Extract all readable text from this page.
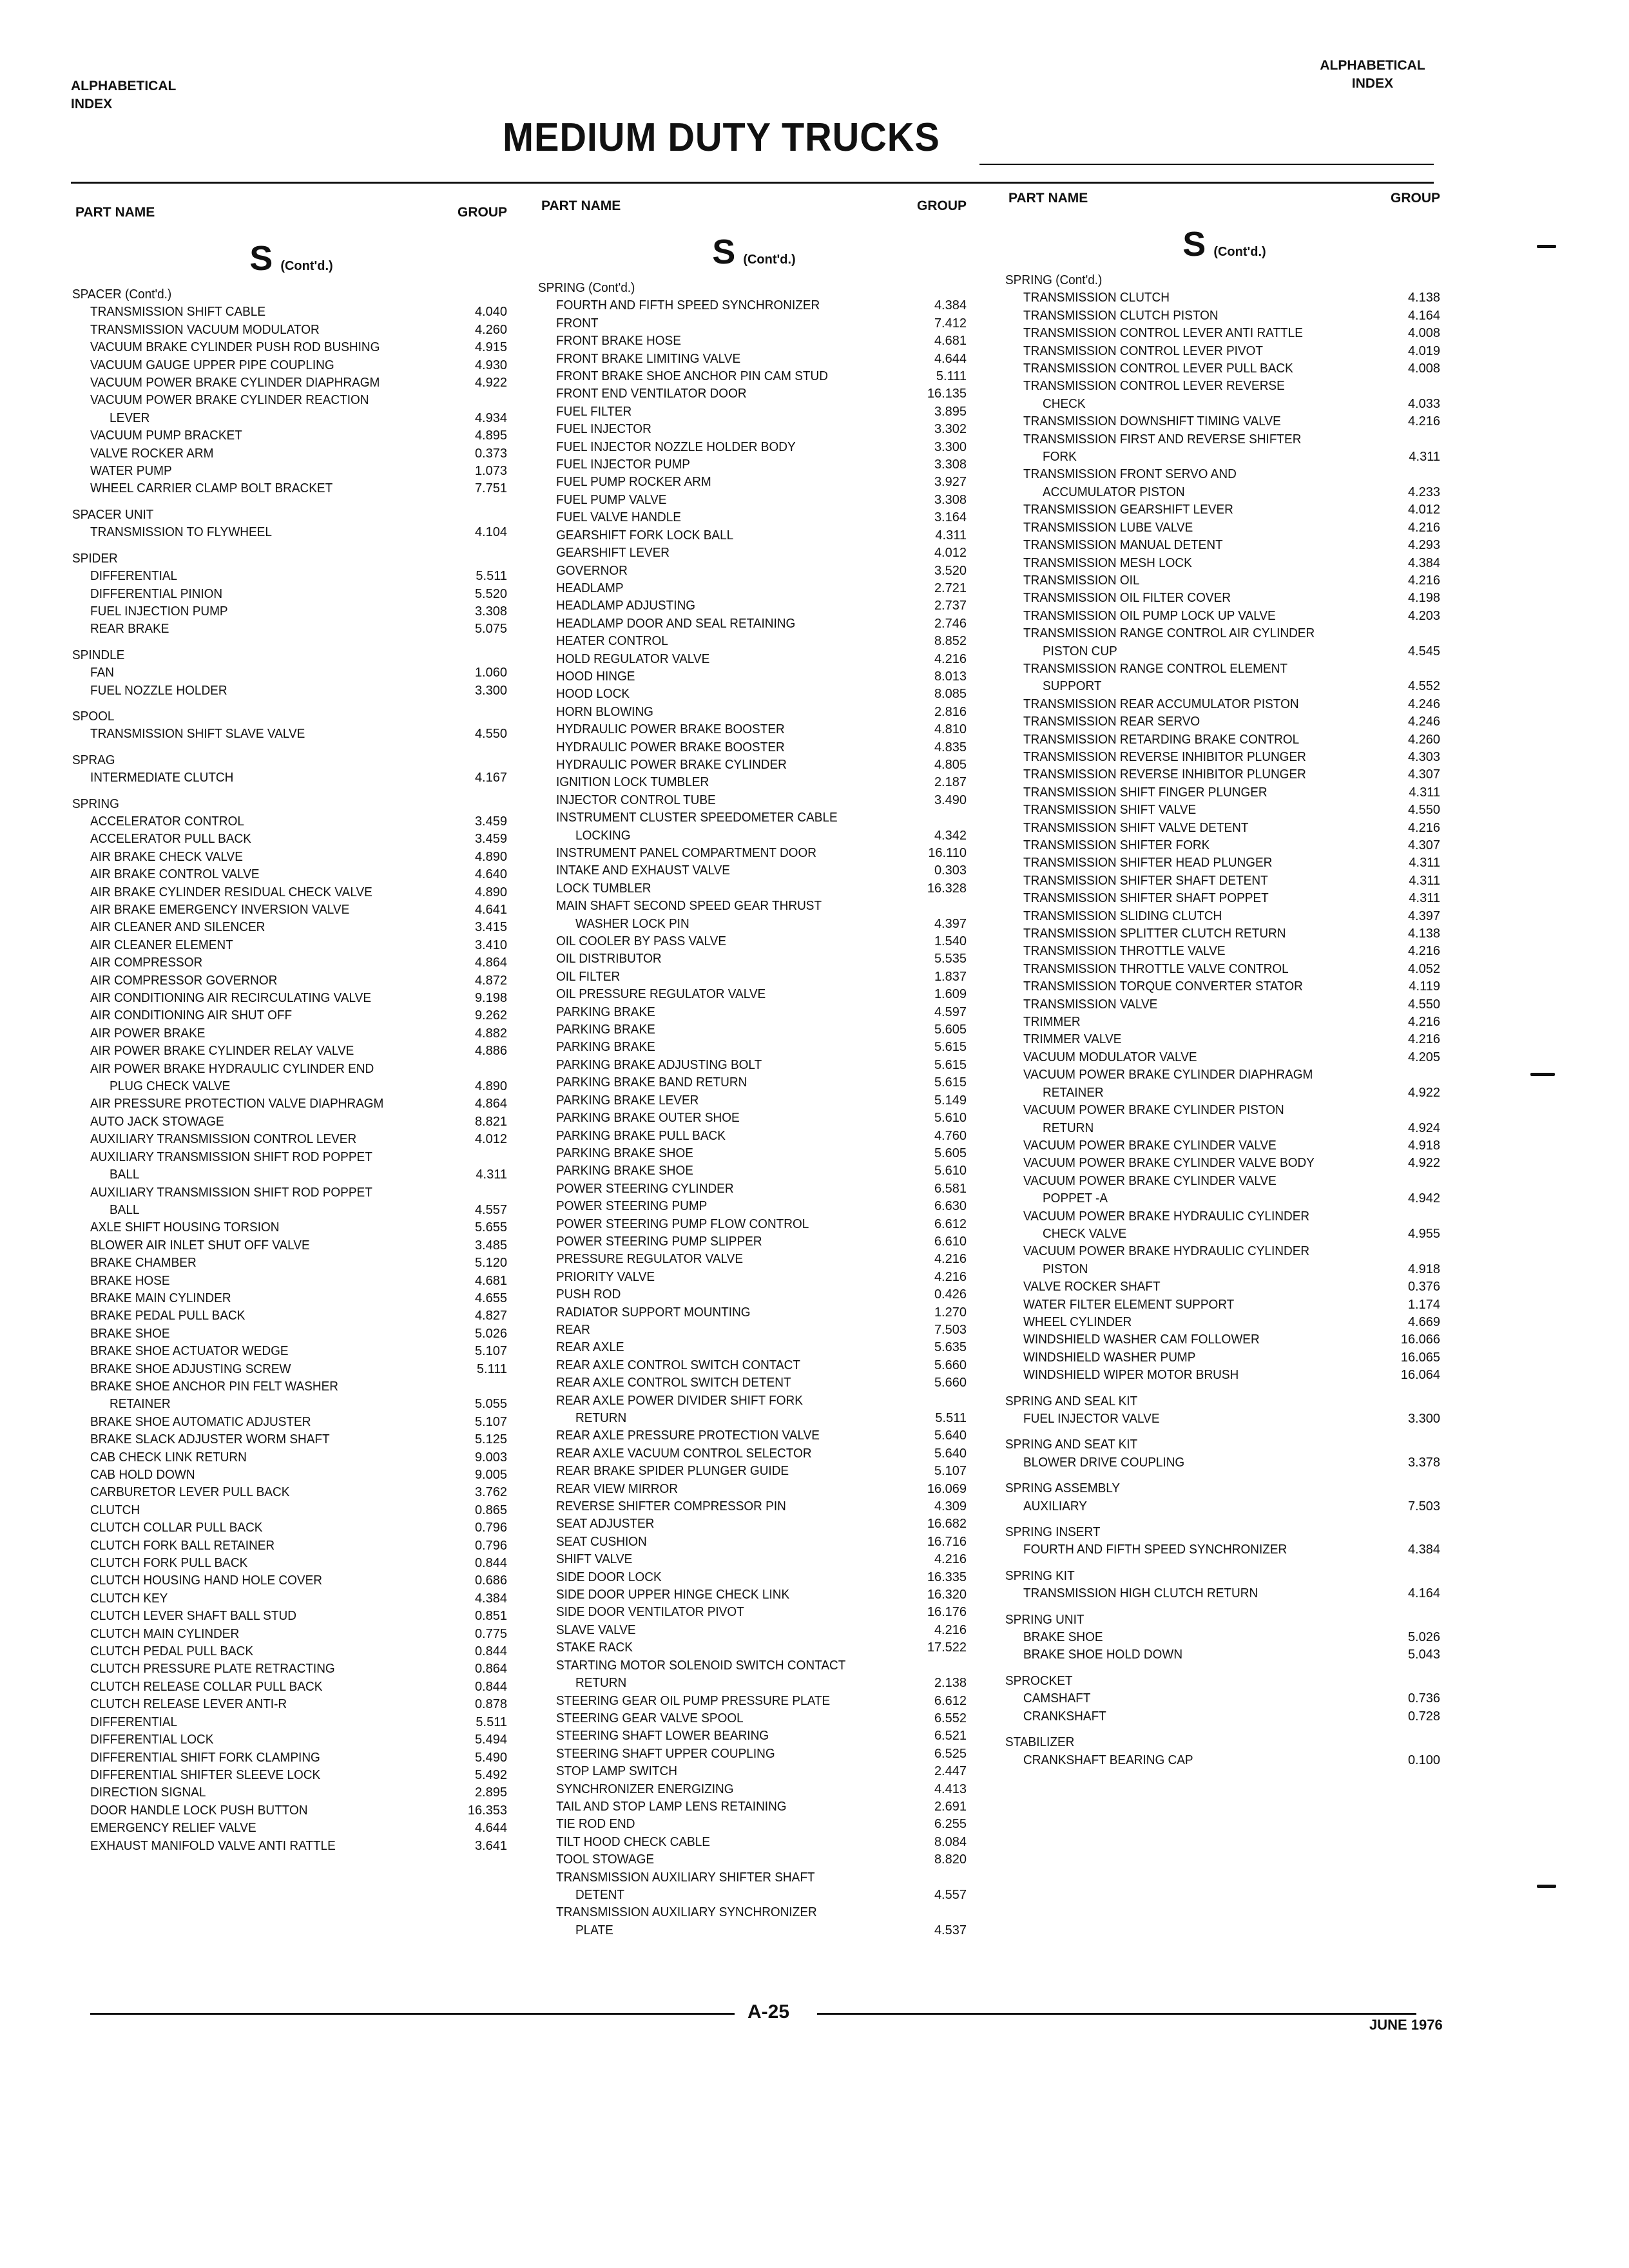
ALPHABETICAL
INDEX
ALPHABETICAL
INDEX
MEDIUM DUTY TRUCKS
PART NAME	GROUP
S (Cont'd.)
SPACER (Cont'd.)
TRANSMISSION SHIFT CABLE	4.040
TRANSMISSION VACUUM MODULATOR	4.260
VACUUM BRAKE CYLINDER PUSH ROD BUSHING	4.915
VACUUM GAUGE UPPER PIPE COUPLING	4.930
VACUUM POWER BRAKE CYLINDER DIAPHRAGM	4.922
VACUUM POWER BRAKE CYLINDER REACTION
LEVER	4.934
VACUUM PUMP BRACKET	4.895
VALVE ROCKER ARM	0.373
WATER PUMP	1.073
WHEEL CARRIER CLAMP BOLT BRACKET	7.751
SPACER UNIT
TRANSMISSION TO FLYWHEEL	4.104
SPIDER
DIFFERENTIAL	5.511
DIFFERENTIAL PINION	5.520
FUEL INJECTION PUMP	3.308
REAR BRAKE	5.075
SPINDLE
FAN	1.060
FUEL NOZZLE HOLDER	3.300
SPOOL
TRANSMISSION SHIFT SLAVE VALVE	4.550
SPRAG
INTERMEDIATE CLUTCH	4.167
SPRING
ACCELERATOR CONTROL	3.459
ACCELERATOR PULL BACK	3.459
AIR BRAKE CHECK VALVE	4.890
AIR BRAKE CONTROL VALVE	4.640
AIR BRAKE CYLINDER RESIDUAL CHECK VALVE	4.890
AIR BRAKE EMERGENCY INVERSION VALVE	4.641
AIR CLEANER AND SILENCER	3.415
AIR CLEANER ELEMENT	3.410
AIR COMPRESSOR	4.864
AIR COMPRESSOR GOVERNOR	4.872
AIR CONDITIONING AIR RECIRCULATING VALVE	9.198
AIR CONDITIONING AIR SHUT OFF	9.262
AIR POWER BRAKE	4.882
AIR POWER BRAKE CYLINDER RELAY VALVE	4.886
AIR POWER BRAKE HYDRAULIC CYLINDER END
PLUG CHECK VALVE	4.890
AIR PRESSURE PROTECTION VALVE DIAPHRAGM	4.864
AUTO JACK STOWAGE	8.821
AUXILIARY TRANSMISSION CONTROL LEVER	4.012
AUXILIARY TRANSMISSION SHIFT ROD POPPET
BALL	4.311
AUXILIARY TRANSMISSION SHIFT ROD POPPET
BALL	4.557
AXLE SHIFT HOUSING TORSION	5.655
BLOWER AIR INLET SHUT OFF VALVE	3.485
BRAKE CHAMBER	5.120
BRAKE HOSE	4.681
BRAKE MAIN CYLINDER	4.655
BRAKE PEDAL PULL BACK	4.827
BRAKE SHOE	5.026
BRAKE SHOE ACTUATOR WEDGE	5.107
BRAKE SHOE ADJUSTING SCREW	5.111
BRAKE SHOE ANCHOR PIN FELT WASHER
RETAINER	5.055
BRAKE SHOE AUTOMATIC ADJUSTER	5.107
BRAKE SLACK ADJUSTER WORM SHAFT	5.125
CAB CHECK LINK RETURN	9.003
CAB HOLD DOWN	9.005
CARBURETOR LEVER PULL BACK	3.762
CLUTCH	0.865
CLUTCH COLLAR PULL BACK	0.796
CLUTCH FORK BALL RETAINER	0.796
CLUTCH FORK PULL BACK	0.844
CLUTCH HOUSING HAND HOLE COVER	0.686
CLUTCH KEY	4.384
CLUTCH LEVER SHAFT BALL STUD	0.851
CLUTCH MAIN CYLINDER	0.775
CLUTCH PEDAL PULL BACK	0.844
CLUTCH PRESSURE PLATE RETRACTING	0.864
CLUTCH RELEASE COLLAR PULL BACK	0.844
CLUTCH RELEASE LEVER ANTI-R	0.878
DIFFERENTIAL	5.511
DIFFERENTIAL LOCK	5.494
DIFFERENTIAL SHIFT FORK CLAMPING	5.490
DIFFERENTIAL SHIFTER SLEEVE LOCK	5.492
DIRECTION SIGNAL	2.895
DOOR HANDLE LOCK PUSH BUTTON	16.353
EMERGENCY RELIEF VALVE	4.644
EXHAUST MANIFOLD VALVE ANTI RATTLE	3.641
PART NAME	GROUP
S (Cont'd.)
SPRING (Cont'd.)
FOURTH AND FIFTH SPEED SYNCHRONIZER	4.384
FRONT	7.412
FRONT BRAKE HOSE	4.681
FRONT BRAKE LIMITING VALVE	4.644
FRONT BRAKE SHOE ANCHOR PIN CAM STUD	5.111
FRONT END VENTILATOR DOOR	16.135
FUEL FILTER	3.895
FUEL INJECTOR	3.302
FUEL INJECTOR NOZZLE HOLDER BODY	3.300
FUEL INJECTOR PUMP	3.308
FUEL PUMP ROCKER ARM	3.927
FUEL PUMP VALVE	3.308
FUEL VALVE HANDLE	3.164
GEARSHIFT FORK LOCK BALL	4.311
GEARSHIFT LEVER	4.012
GOVERNOR	3.520
HEADLAMP	2.721
HEADLAMP ADJUSTING	2.737
HEADLAMP DOOR AND SEAL RETAINING	2.746
HEATER CONTROL	8.852
HOLD REGULATOR VALVE	4.216
HOOD HINGE	8.013
HOOD LOCK	8.085
HORN BLOWING	2.816
HYDRAULIC POWER BRAKE BOOSTER	4.810
HYDRAULIC POWER BRAKE BOOSTER	4.835
HYDRAULIC POWER BRAKE CYLINDER	4.805
IGNITION LOCK TUMBLER	2.187
INJECTOR CONTROL TUBE	3.490
INSTRUMENT CLUSTER SPEEDOMETER CABLE
LOCKING	4.342
INSTRUMENT PANEL COMPARTMENT DOOR	16.110
INTAKE AND EXHAUST VALVE	0.303
LOCK TUMBLER	16.328
MAIN SHAFT SECOND SPEED GEAR THRUST
WASHER LOCK PIN	4.397
OIL COOLER BY PASS VALVE	1.540
OIL DISTRIBUTOR	5.535
OIL FILTER	1.837
OIL PRESSURE REGULATOR VALVE	1.609
PARKING BRAKE	4.597
PARKING BRAKE	5.605
PARKING BRAKE	5.615
PARKING BRAKE ADJUSTING BOLT	5.615
PARKING BRAKE BAND RETURN	5.615
PARKING BRAKE LEVER	5.149
PARKING BRAKE OUTER SHOE	5.610
PARKING BRAKE PULL BACK	4.760
PARKING BRAKE SHOE	5.605
PARKING BRAKE SHOE	5.610
POWER STEERING CYLINDER	6.581
POWER STEERING PUMP	6.630
POWER STEERING PUMP FLOW CONTROL	6.612
POWER STEERING PUMP SLIPPER	6.610
PRESSURE REGULATOR VALVE	4.216
PRIORITY VALVE	4.216
PUSH ROD	0.426
RADIATOR SUPPORT MOUNTING	1.270
REAR	7.503
REAR AXLE	5.635
REAR AXLE CONTROL SWITCH CONTACT	5.660
REAR AXLE CONTROL SWITCH DETENT	5.660
REAR AXLE POWER DIVIDER SHIFT FORK
RETURN	5.511
REAR AXLE PRESSURE PROTECTION VALVE	5.640
REAR AXLE VACUUM CONTROL SELECTOR	5.640
REAR BRAKE SPIDER PLUNGER GUIDE	5.107
REAR VIEW MIRROR	16.069
REVERSE SHIFTER COMPRESSOR PIN	4.309
SEAT ADJUSTER	16.682
SEAT CUSHION	16.716
SHIFT VALVE	4.216
SIDE DOOR LOCK	16.335
SIDE DOOR UPPER HINGE CHECK LINK	16.320
SIDE DOOR VENTILATOR PIVOT	16.176
SLAVE VALVE	4.216
STAKE RACK	17.522
STARTING MOTOR SOLENOID SWITCH CONTACT
RETURN	2.138
STEERING GEAR OIL PUMP PRESSURE PLATE	6.612
STEERING GEAR VALVE SPOOL	6.552
STEERING SHAFT LOWER BEARING	6.521
STEERING SHAFT UPPER COUPLING	6.525
STOP LAMP SWITCH	2.447
SYNCHRONIZER ENERGIZING	4.413
TAIL AND STOP LAMP LENS RETAINING	2.691
TIE ROD END	6.255
TILT HOOD CHECK CABLE	8.084
TOOL STOWAGE	8.820
TRANSMISSION AUXILIARY SHIFTER SHAFT
DETENT	4.557
TRANSMISSION AUXILIARY SYNCHRONIZER
PLATE	4.537
PART NAME	GROUP
S (Cont'd.)
SPRING (Cont'd.)
TRANSMISSION CLUTCH	4.138
TRANSMISSION CLUTCH PISTON	4.164
TRANSMISSION CONTROL LEVER ANTI RATTLE	4.008
TRANSMISSION CONTROL LEVER PIVOT	4.019
TRANSMISSION CONTROL LEVER PULL BACK	4.008
TRANSMISSION CONTROL LEVER REVERSE
CHECK	4.033
TRANSMISSION DOWNSHIFT TIMING VALVE	4.216
TRANSMISSION FIRST AND REVERSE SHIFTER
FORK	4.311
TRANSMISSION FRONT SERVO AND
ACCUMULATOR PISTON	4.233
TRANSMISSION GEARSHIFT LEVER	4.012
TRANSMISSION LUBE VALVE	4.216
TRANSMISSION MANUAL DETENT	4.293
TRANSMISSION MESH LOCK	4.384
TRANSMISSION OIL	4.216
TRANSMISSION OIL FILTER COVER	4.198
TRANSMISSION OIL PUMP LOCK UP VALVE	4.203
TRANSMISSION RANGE CONTROL AIR CYLINDER
PISTON CUP	4.545
TRANSMISSION RANGE CONTROL ELEMENT
SUPPORT	4.552
TRANSMISSION REAR ACCUMULATOR PISTON	4.246
TRANSMISSION REAR SERVO	4.246
TRANSMISSION RETARDING BRAKE CONTROL	4.260
TRANSMISSION REVERSE INHIBITOR PLUNGER	4.303
TRANSMISSION REVERSE INHIBITOR PLUNGER	4.307
TRANSMISSION SHIFT FINGER PLUNGER	4.311
TRANSMISSION SHIFT VALVE	4.550
TRANSMISSION SHIFT VALVE DETENT	4.216
TRANSMISSION SHIFTER FORK	4.307
TRANSMISSION SHIFTER HEAD PLUNGER	4.311
TRANSMISSION SHIFTER SHAFT DETENT	4.311
TRANSMISSION SHIFTER SHAFT POPPET	4.311
TRANSMISSION SLIDING CLUTCH	4.397
TRANSMISSION SPLITTER CLUTCH RETURN	4.138
TRANSMISSION THROTTLE VALVE	4.216
TRANSMISSION THROTTLE VALVE CONTROL	4.052
TRANSMISSION TORQUE CONVERTER STATOR	4.119
TRANSMISSION VALVE	4.550
TRIMMER	4.216
TRIMMER VALVE	4.216
VACUUM MODULATOR VALVE	4.205
VACUUM POWER BRAKE CYLINDER DIAPHRAGM
RETAINER	4.922
VACUUM POWER BRAKE CYLINDER PISTON
RETURN	4.924
VACUUM POWER BRAKE CYLINDER VALVE	4.918
VACUUM POWER BRAKE CYLINDER VALVE BODY	4.922
VACUUM POWER BRAKE CYLINDER VALVE
POPPET -A	4.942
VACUUM POWER BRAKE HYDRAULIC CYLINDER
CHECK VALVE	4.955
VACUUM POWER BRAKE HYDRAULIC CYLINDER
PISTON	4.918
VALVE ROCKER SHAFT	0.376
WATER FILTER ELEMENT SUPPORT	1.174
WHEEL CYLINDER	4.669
WINDSHIELD WASHER CAM FOLLOWER	16.066
WINDSHIELD WASHER PUMP	16.065
WINDSHIELD WIPER MOTOR BRUSH	16.064
SPRING AND SEAL KIT
FUEL INJECTOR VALVE	3.300
SPRING AND SEAT KIT
BLOWER DRIVE COUPLING	3.378
SPRING ASSEMBLY
AUXILIARY	7.503
SPRING INSERT
FOURTH AND FIFTH SPEED SYNCHRONIZER	4.384
SPRING KIT
TRANSMISSION HIGH CLUTCH RETURN	4.164
SPRING UNIT
BRAKE SHOE	5.026
BRAKE SHOE HOLD DOWN	5.043
SPROCKET
CAMSHAFT	0.736
CRANKSHAFT	0.728
STABILIZER
CRANKSHAFT BEARING CAP	0.100
A-25
JUNE 1976
